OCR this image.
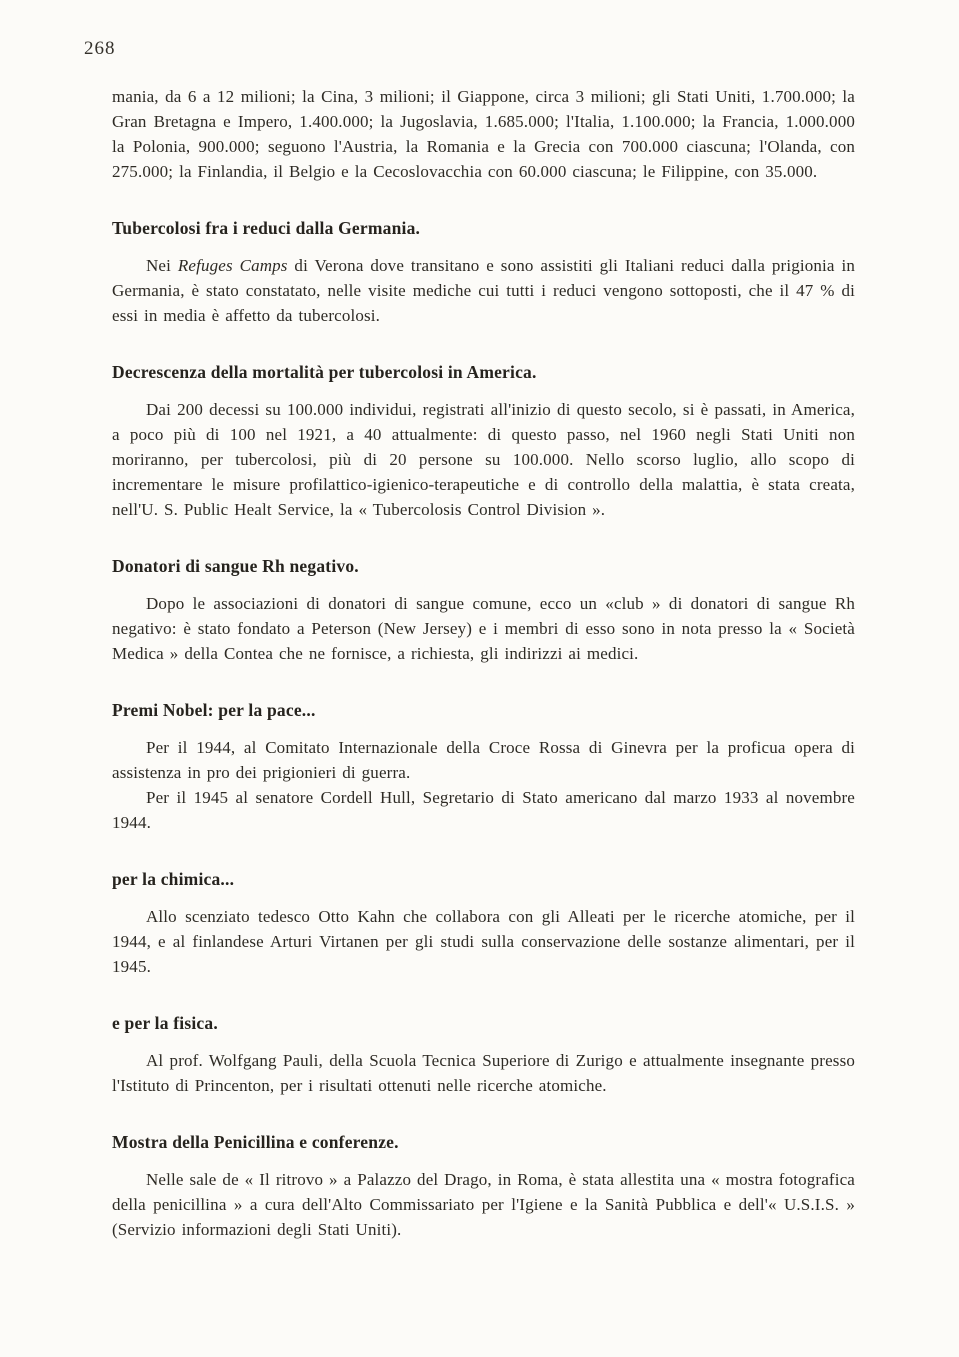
268

mania, da 6 a 12 milioni; la Cina, 3 milioni; il Giappone, circa 3 milioni; gli Stati Uniti, 1.700.000; la Gran Bretagna e Impero, 1.400.000; la Jugoslavia, 1.685.000; l'Italia, 1.100.000; la Francia, 1.000.000 la Polonia, 900.000; seguono l'Austria, la Romania e la Grecia con 700.000 ciascuna; l'Olanda, con 275.000; la Finlandia, il Belgio e la Cecoslovacchia con 60.000 ciascuna; le Filippine, con 35.000.

Tubercolosi fra i reduci dalla Germania.

Nei Refuges Camps di Verona dove transitano e sono assistiti gli Italiani reduci dalla prigionia in Germania, è stato constatato, nelle visite mediche cui tutti i reduci vengono sottoposti, che il 47 % di essi in media è affetto da tubercolosi.

Decrescenza della mortalità per tubercolosi in America.

Dai 200 decessi su 100.000 individui, registrati all'inizio di questo secolo, si è passati, in America, a poco più di 100 nel 1921, a 40 attualmente: di questo passo, nel 1960 negli Stati Uniti non moriranno, per tubercolosi, più di 20 persone su 100.000. Nello scorso luglio, allo scopo di incrementare le misure profilattico-igienico-terapeutiche e di controllo della malattia, è stata creata, nell'U. S. Public Healt Service, la « Tubercolosis Control Division ».

Donatori di sangue Rh negativo.

Dopo le associazioni di donatori di sangue comune, ecco un «club » di donatori di sangue Rh negativo: è stato fondato a Peterson (New Jersey) e i membri di esso sono in nota presso la « Società Medica » della Contea che ne fornisce, a richiesta, gli indirizzi ai medici.

Premi Nobel: per la pace...

Per il 1944, al Comitato Internazionale della Croce Rossa di Ginevra per la proficua opera di assistenza in pro dei prigionieri di guerra.

Per il 1945 al senatore Cordell Hull, Segretario di Stato americano dal marzo 1933 al novembre 1944.

per la chimica...

Allo scenziato tedesco Otto Kahn che collabora con gli Alleati per le ricerche atomiche, per il 1944, e al finlandese Arturi Virtanen per gli studi sulla conservazione delle sostanze alimentari, per il 1945.

e per la fisica.

Al prof. Wolfgang Pauli, della Scuola Tecnica Superiore di Zurigo e attualmente insegnante presso l'Istituto di Princenton, per i risultati ottenuti nelle ricerche atomiche.

Mostra della Penicillina e conferenze.

Nelle sale de « Il ritrovo » a Palazzo del Drago, in Roma, è stata allestita una « mostra fotografica della penicillina » a cura dell'Alto Commissariato per l'Igiene e la Sanità Pubblica e dell'« U.S.I.S. » (Servizio informazioni degli Stati Uniti).
